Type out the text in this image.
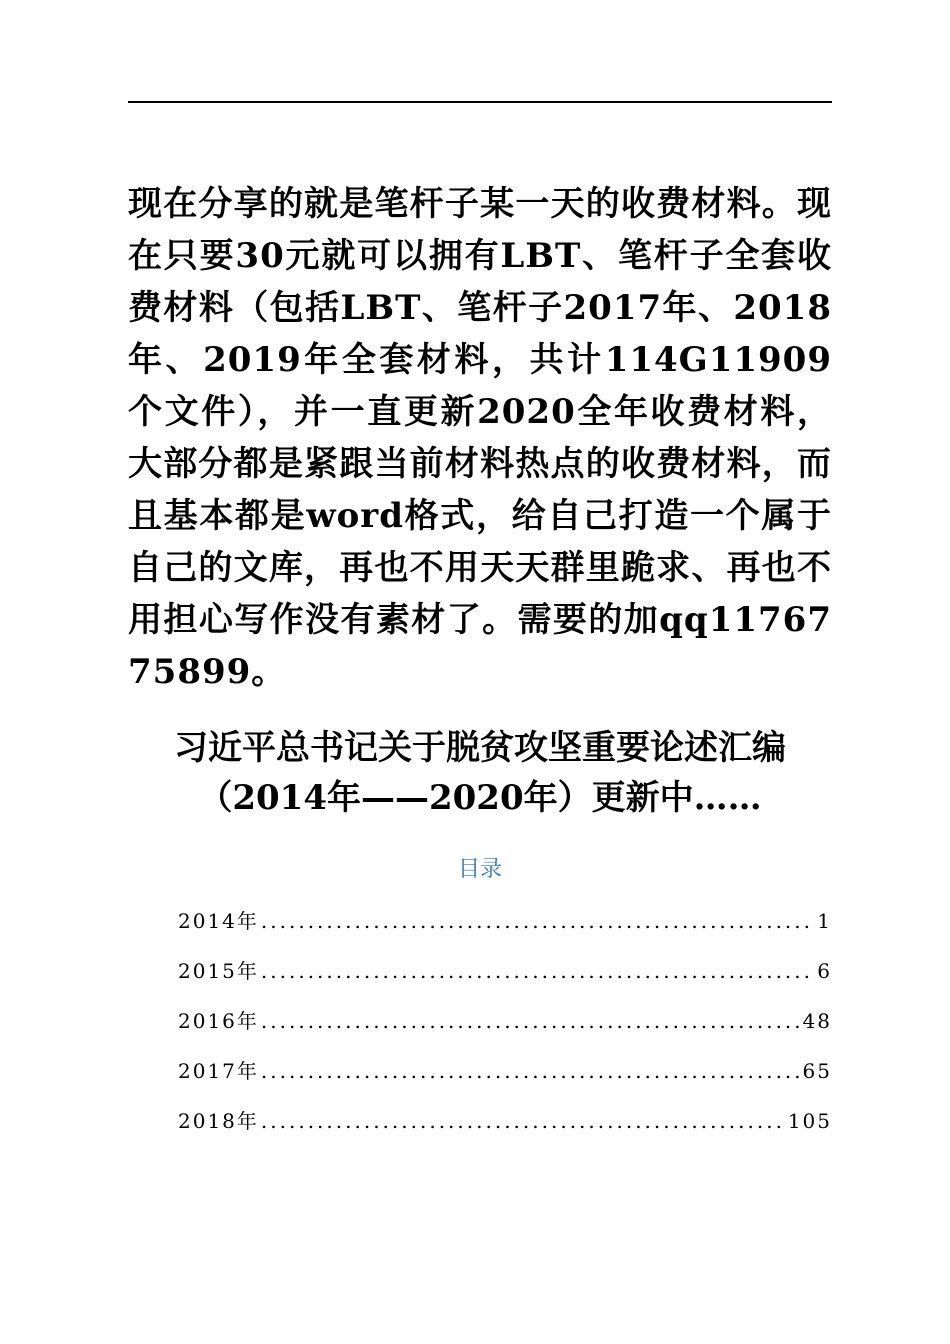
现在分享的就是笔杆子某一天的收费材料。现在只要30元就可以拥有LBT、笔杆子全套收费材料（包括LBT、笔杆子2017年、2018年、2019年全套材料，共计114G11909个文件），并一直更新2020全年收费材料，大部分都是紧跟当前材料热点的收费材料，而且基本都是word格式，给自己打造一个属于自己的文库，再也不用天天群里跪求、再也不用担心写作没有素材了。需要的加qq1176775899。

习近平总书记关于脱贫攻坚重要论述汇编
（2014年——2020年）更新中……
目录
2014年 .....	1
2015年 .....	6
2016年 .....	48
2017年 .....	65
2018年 .....	105
